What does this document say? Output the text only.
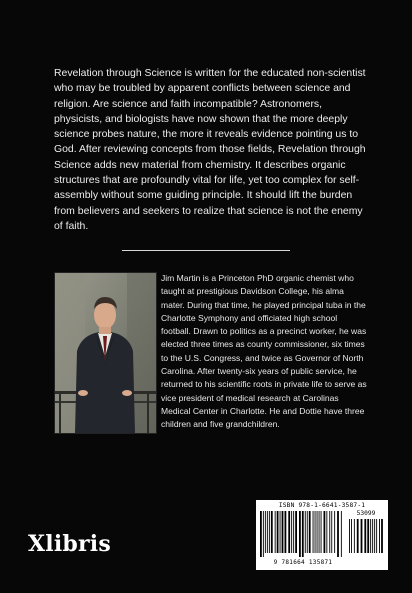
Revelation through Science is written for the educated non-scientist who may be troubled by apparent conflicts between science and religion. Are science and faith incompatible? Astronomers, physicists, and biologists have now shown that the more deeply science probes nature, the more it reveals evidence pointing us to God. After reviewing concepts from those fields, Revelation through Science adds new material from chemistry. It describes organic structures that are profoundly vital for life, yet too complex for self-assembly without some guiding principle. It should lift the burden from believers and seekers to realize that science is not the enemy of faith.

Jim Martin is a Princeton PhD organic chemist who taught at prestigious Davidson College, his alma mater. During that time, he played principal tuba in the Charlotte Symphony and officiated high school football. Drawn to politics as a precinct worker, he was elected three times as county commissioner, six times to the U.S. Congress, and twice as Governor of North Carolina. After twenty-six years of public service, he returned to his scientific roots in private life to serve as vice president of medical research at Carolinas Medical Center in Charlotte. He and Dottie have three children and five grandchildren.

Xlibris
ISBN 978-1-6641-3587-1
53099
9 781664 135871
